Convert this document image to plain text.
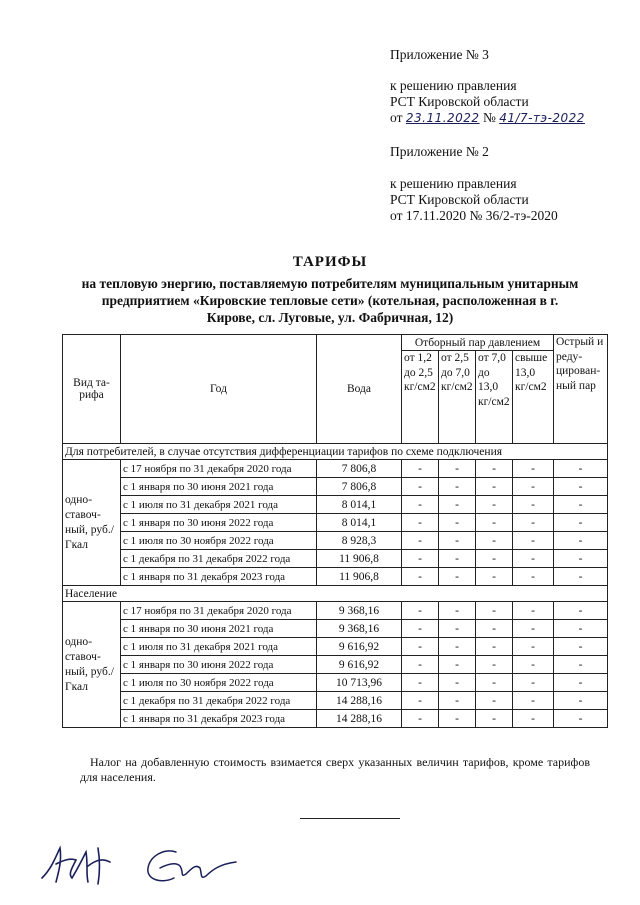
Приложение № 3
к решению правления
РСТ Кировской области
от 23.11.2022 № 41/7-тэ-2022
Приложение № 2
к решению правления
РСТ Кировской области
от 17.11.2020 № 36/2-тэ-2020
ТАРИФЫ
на тепловую энергию, поставляемую потребителям муниципальным унитарным предприятием «Кировские тепловые сети» (котельная, расположенная в г. Кирове, сл. Луговые, ул. Фабричная, 12)
Вид та-рифа	Год	Вода	Отборный пар давлением				Острый и редуцированный пар
			от 1,2 до 2,5 кг/см2	от 2,5 до 7,0 кг/см2	от 7,0 до 13,0 кг/см2	свыше 13,0 кг/см2	
Для потребителей, в случае отсутствия дифференциации тарифов по схеме подключения							
одноставочный, руб./Гкал	с 17 ноября по 31 декабря 2020 года	7 806,8	-	-	-	-	-
	с 1 января по 30 июня 2021 года	7 806,8	-	-	-	-	-
	с 1 июля по 31 декабря 2021 года	8 014,1	-	-	-	-	-
	с 1 января по 30 июня 2022 года	8 014,1	-	-	-	-	-
	с 1 июля по 30 ноября 2022 года	8 928,3	-	-	-	-	-
	с 1 декабря по 31 декабря 2022 года	11 906,8	-	-	-	-	-
	с 1 января по 31 декабря 2023 года	11 906,8	-	-	-	-	-
Население							
одноставочный, руб./Гкал	с 17 ноября по 31 декабря 2020 года	9 368,16	-	-	-	-	-
	с 1 января по 30 июня 2021 года	9 368,16	-	-	-	-	-
	с 1 июля по 31 декабря 2021 года	9 616,92	-	-	-	-	-
	с 1 января по 30 июня 2022 года	9 616,92	-	-	-	-	-
	с 1 июля по 30 ноября 2022 года	10 713,96	-	-	-	-	-
	с 1 декабря по 31 декабря 2022 года	14 288,16	-	-	-	-	-
	с 1 января по 31 декабря 2023 года	14 288,16	-	-	-	-	-
Налог на добавленную стоимость взимается сверх указанных величин тарифов, кроме тарифов для населения.
